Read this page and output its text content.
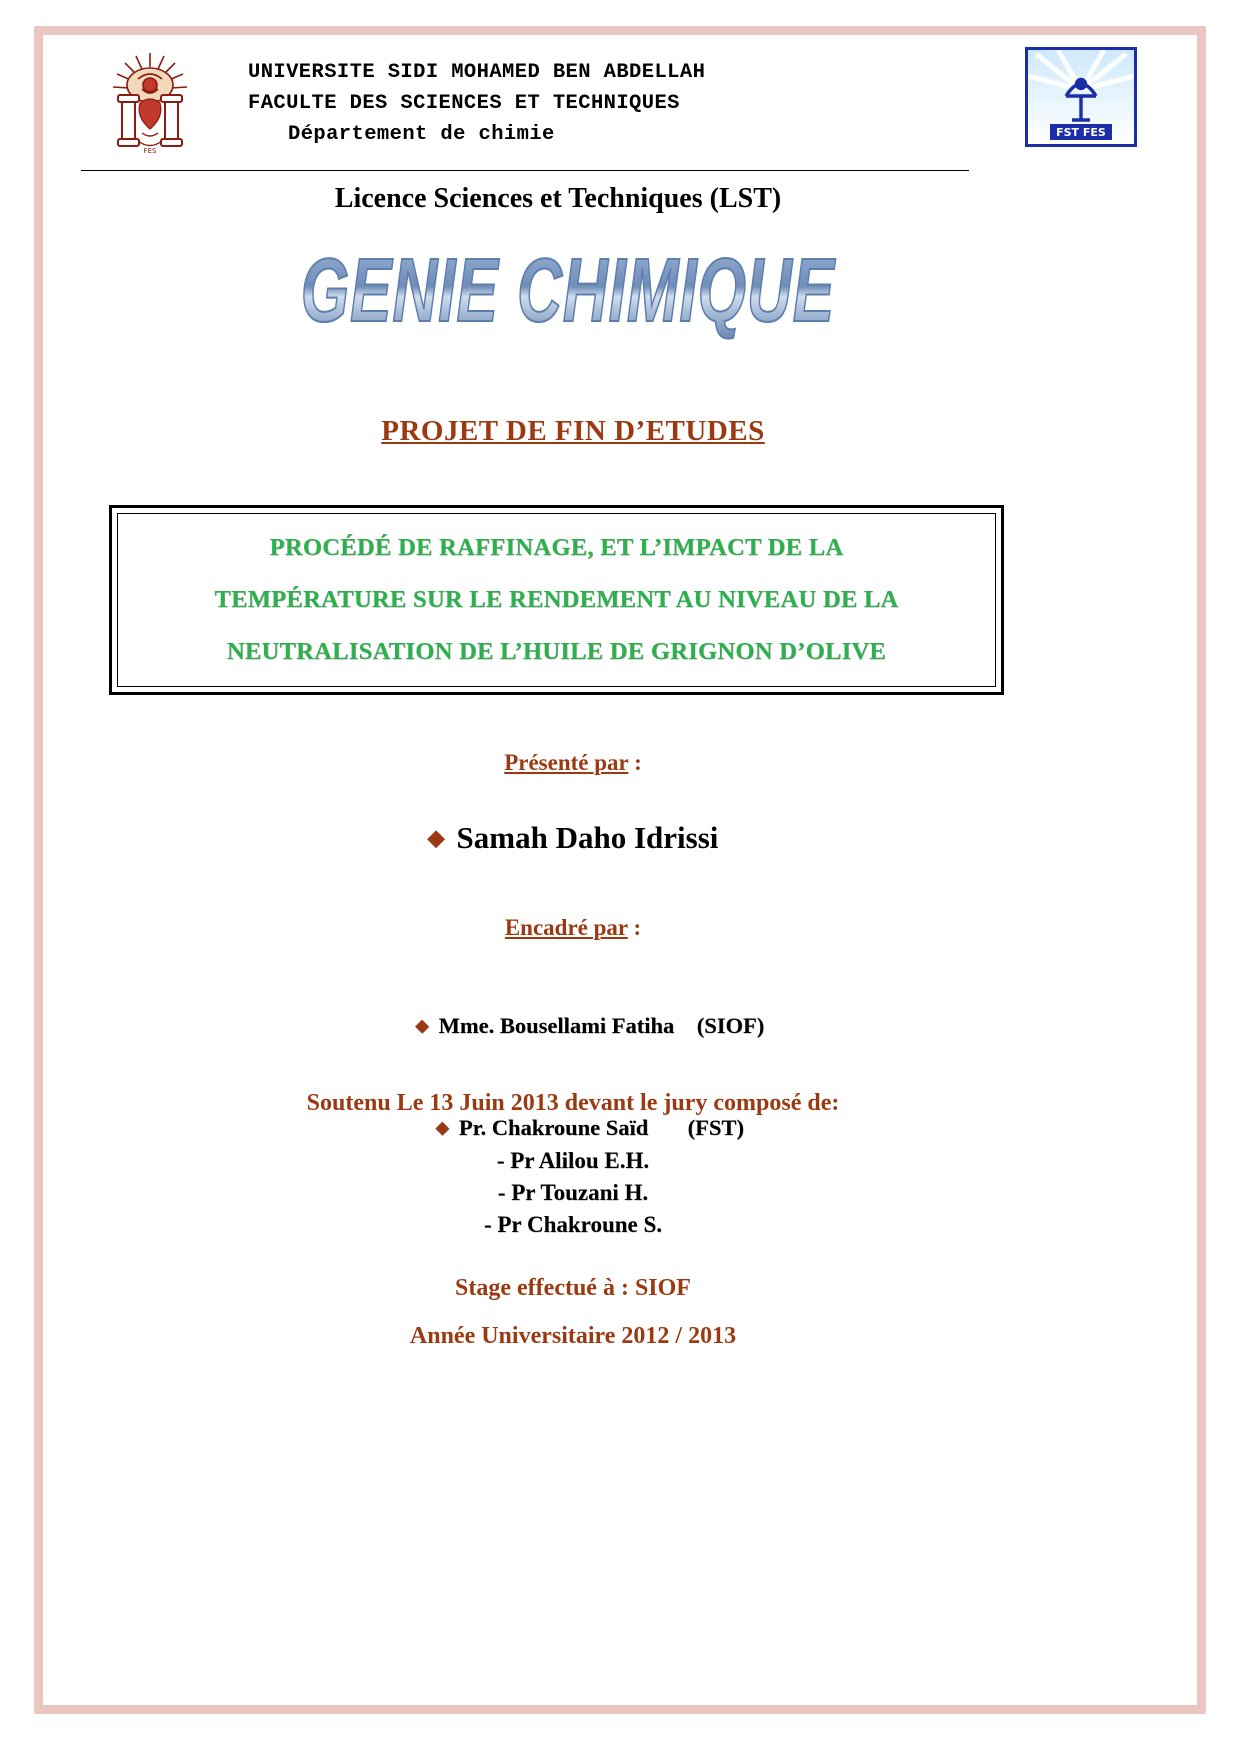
FES
UNIVERSITE SIDI MOHAMED BEN ABDELLAH
FACULTE DES SCIENCES ET TECHNIQUES
Département de chimie	FST FES
Licence Sciences et Techniques (LST)
GENIE CHIMIQUE
PROJET DE FIN D’ETUDES
PROCÉDÉ DE RAFFINAGE, ET L’IMPACT DE LA
TEMPÉRATURE SUR LE RENDEMENT AU NIVEAU DE LA
NEUTRALISATION DE L’HUILE DE GRIGNON D’OLIVE
Présenté par :
◆ Samah Daho Idrissi
Encadré par :

◆ Mme. Bousellami Fatiha    (SIOF)

◆ Pr. Chakroune Saïd       (FST)

Soutenu Le 13 Juin 2013 devant le jury composé de:
- Pr Alilou E.H.
- Pr Touzani H.
- Pr Chakroune S.
Stage effectué à : SIOF
Année Universitaire 2012 / 2013
